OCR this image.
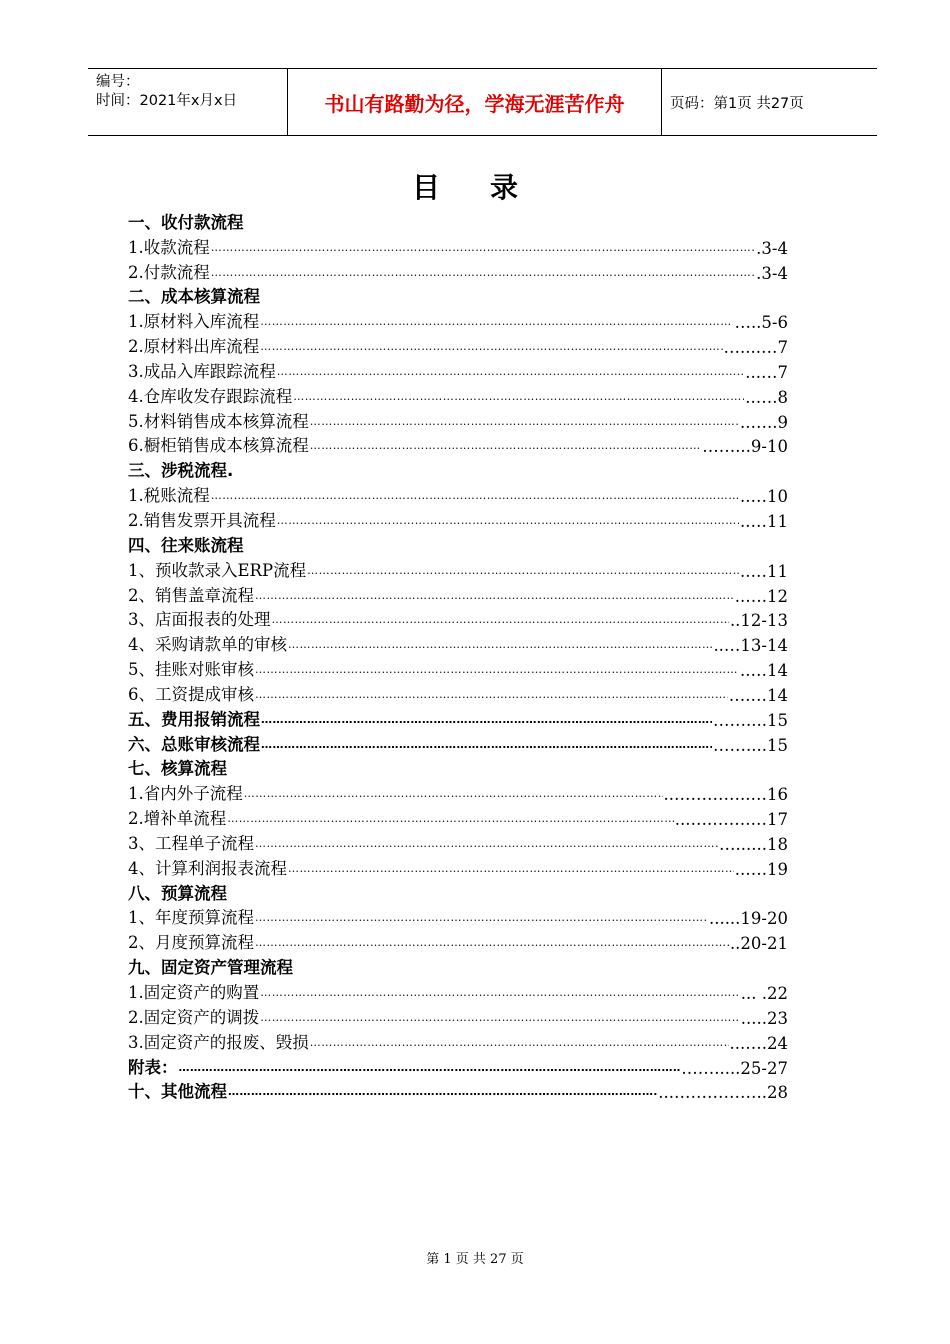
编号：
时间：2021年x月x日	书山有路勤为径，学海无涯苦作舟	页码：第1页 共27页
目录
一、收付款流程
1.收款流程 ……………………………………………………………………………………………………………………………………………………………………………………………………	.3-4
2.付款流程 ……………………………………………………………………………………………………………………………………………………………………………………………………	.3-4
二、成本核算流程
1.原材料入库流程 ……………………………………………………………………………………………………………………………………………………………………………………………………	…..5-6
2.原材料出库流程 ……………………………………………………………………………………………………………………………………………………………………………………………………	…....…7
3.成品入库跟踪流程 ……………………………………………………………………………………………………………………………………………………………………………………………………	...…7
4.仓库收发存跟踪流程 ……………………………………………………………………………………………………………………………………………………………………………………………………	..….8
5.材料销售成本核算流程 ……………………………………………………………………………………………………………………………………………………………………………………………………	..…..9
6.橱柜销售成本核算流程 ……………………………………………………………………………………………………………………………………………………………………………………………………	……...9-10
三、涉税流程.
1.税账流程 ……………………………………………………………………………………………………………………………………………………………………………………………………	..…10
2.销售发票开具流程 ……………………………………………………………………………………………………………………………………………………………………………………………………	..…11
四、往来账流程
1、预收款录入ERP流程 ……………………………………………………………………………………………………………………………………………………………………………………………………	..…11
2、销售盖章流程 ……………………………………………………………………………………………………………………………………………………………………………………………………	..….12
3、店面报表的处理 ……………………………………………………………………………………………………………………………………………………………………………………………………	..12-13
4、采购请款单的审核 ……………………………………………………………………………………………………………………………………………………………………………………………………	..…13-14
5、挂账对账审核 ……………………………………………………………………………………………………………………………………………………………………………………………………	..…14
6、工资提成审核 ……………………………………………………………………………………………………………………………………………………………………………………………………	….…14
五、费用报销流程 ……………………………………………………………………………………………………………………………………………………………………………………………………	……....15
六、总账审核流程 ……………………………………………………………………………………………………………………………………………………………………………………………………	……....15
七、核算流程
1.省内外子流程 ……………………………………………………………………………………………………………………………………………………………………………………………………	..…………..…16
2.增补单流程 ……………………………………………………………………………………………………………………………………………………………………………………………………	...….…….…17
3、工程单子流程 ……………………………………………………………………………………………………………………………………………………………………………………………………	…......18
4、计算利润报表流程 ……………………………………………………………………………………………………………………………………………………………………………………………………	..….19
八、预算流程
1、年度预算流程 ……………………………………………………………………………………………………………………………………………………………………………………………………	......19-20
2、月度预算流程 ……………………………………………………………………………………………………………………………………………………………………………………………………	..20-21
九、固定资产管理流程
1.固定资产的购置 ……………………………………………………………………………………………………………………………………………………………………………………………………	... .22
2.固定资产的调拨 ……………………………………………………………………………………………………………………………………………………………………………………………………	.....23
3.固定资产的报废、毁损 ……………………………………………………………………………………………………………………………………………………………………………………………………	...….24
附表： ……………………………………………………………………………………………………………………………………………………………………………………………………	…….....25-27
十、其他流程 ……………………………………………………………………………………………………………………………………………………………………………………………………	...……………..28
第 1 页 共 27 页
